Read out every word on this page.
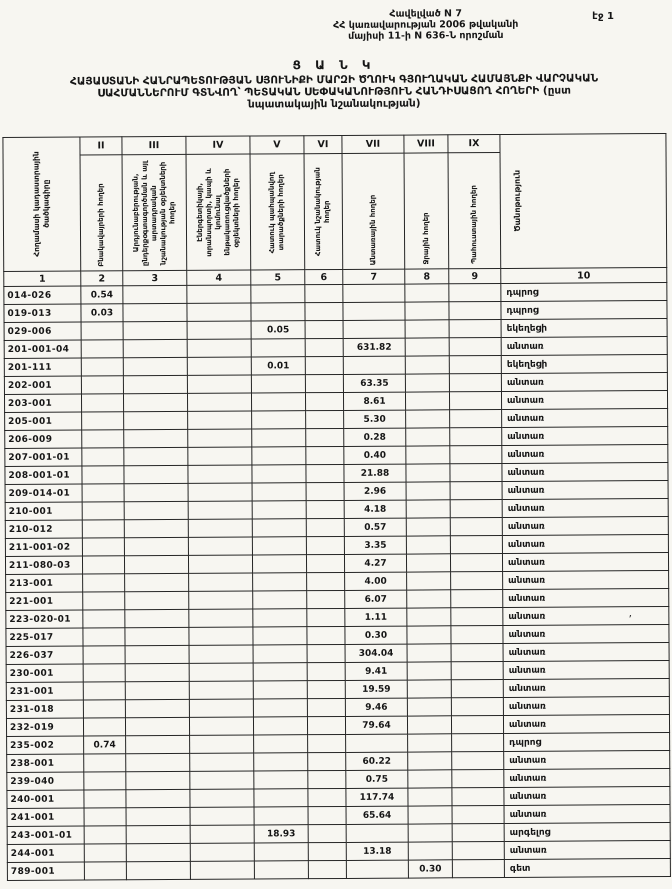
էջ 1
’
Հավելված N 7
ՀՀ կառավարության 2006 թվականի
մայիսի 11-ի N 636-Ն որոշման
Ց Ա Ն Կ
ՀԱՅԱՍՏԱՆԻ ՀԱՆՐԱՊԵՏՈՒԹՅԱՆ ՍՅՈՒՆԻՔԻ ՄԱՐԶԻ ԾՂՈՒԿ ԳՅՈՒՂԱԿԱՆ ՀԱՄԱՅՆՔԻ ՎԱՐՉԱԿԱՆ
ՍԱՀՄԱՆՆԵՐՈՒՄ ԳՏՆՎՈՂ՝ ՊԵՏԱԿԱՆ ՍԵՓԱԿԱՆՈՒԹՅՈՒՆ ՀԱՆԴԻՍԱՑՈՂ ՀՈՂԵՐԻ (ըստ
նպատակային նշանակության)
Հողամասի կադաստրային ծածկագիրը	II	III	IV	V	VI	VII	VIII	IX	Ծանոթություն

	Բնակավայրերի հողեր	Արդյունաբերության, ընդերքօգտագործման և այլ արտադրական նշանակության օբյեկտների հողեր	Էներգետիկայի, տրանսպորտի, կապի և կոմունալ ենթակառուցվածքների օբյեկտների հողեր	Հատուկ պահպանվող տարածքների հողեր	Հատուկ նշանակության հողեր	Անտառային հողեր	Ջրային հողեր	Պահուստային հողեր	

1	2	3	4	5	6	7	8	9	10
014-026	0.54								դպրոց
019-013	0.03								դպրոց
029-006				0.05					եկեղեցի
201-001-04						631.82			անտառ
201-111				0.01					եկեղեցի
202-001						63.35			անտառ
203-001						8.61			անտառ
205-001						5.30			անտառ
206-009						0.28			անտառ
207-001-01						0.40			անտառ
208-001-01						21.88			անտառ
209-014-01						2.96			անտառ
210-001						4.18			անտառ
210-012						0.57			անտառ
211-001-02						3.35			անտառ
211-080-03						4.27			անտառ
213-001						4.00			անտառ
221-001						6.07			անտառ
223-020-01						1.11			անտառ
225-017						0.30			անտառ
226-037						304.04			անտառ
230-001						9.41			անտառ
231-001						19.59			անտառ
231-018						9.46			անտառ
232-019						79.64			անտառ
235-002	0.74								դպրոց
238-001						60.22			անտառ
239-040						0.75			անտառ
240-001						117.74			անտառ
241-001						65.64			անտառ
243-001-01				18.93					արգելոց
244-001						13.18			անտառ
789-001							0.30		գետ
